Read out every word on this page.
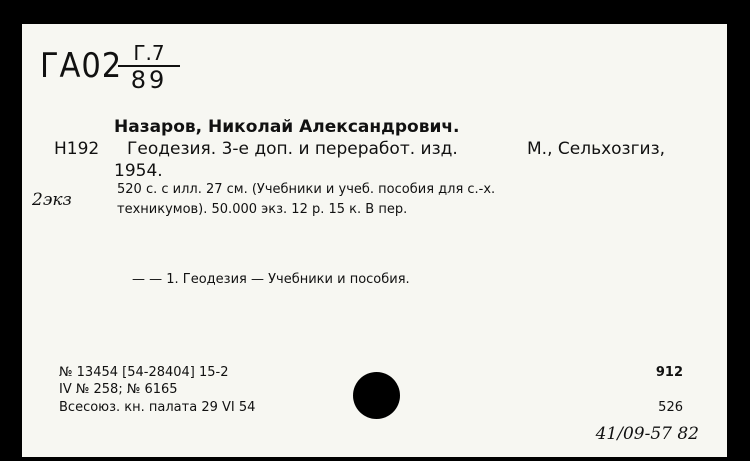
ГА02 Г.7
89
Назаров, Николай Александрович.
Н192 Геодезия. 3-е доп. и переработ. изд.	М., Сельхозгиз,
1954.
2экз
520 с. с илл. 27 см. (Учебники и учеб. пособия для с.-х.
техникумов). 50.000 экз. 12 р. 15 к. В пер.
— — 1. Геодезия — Учебники и пособия.
№ 13454 [54-28404] 15-2
IV № 258; № 6165
Всесоюз. кн. палата 29 VI 54
912
526
41/09-57 82
